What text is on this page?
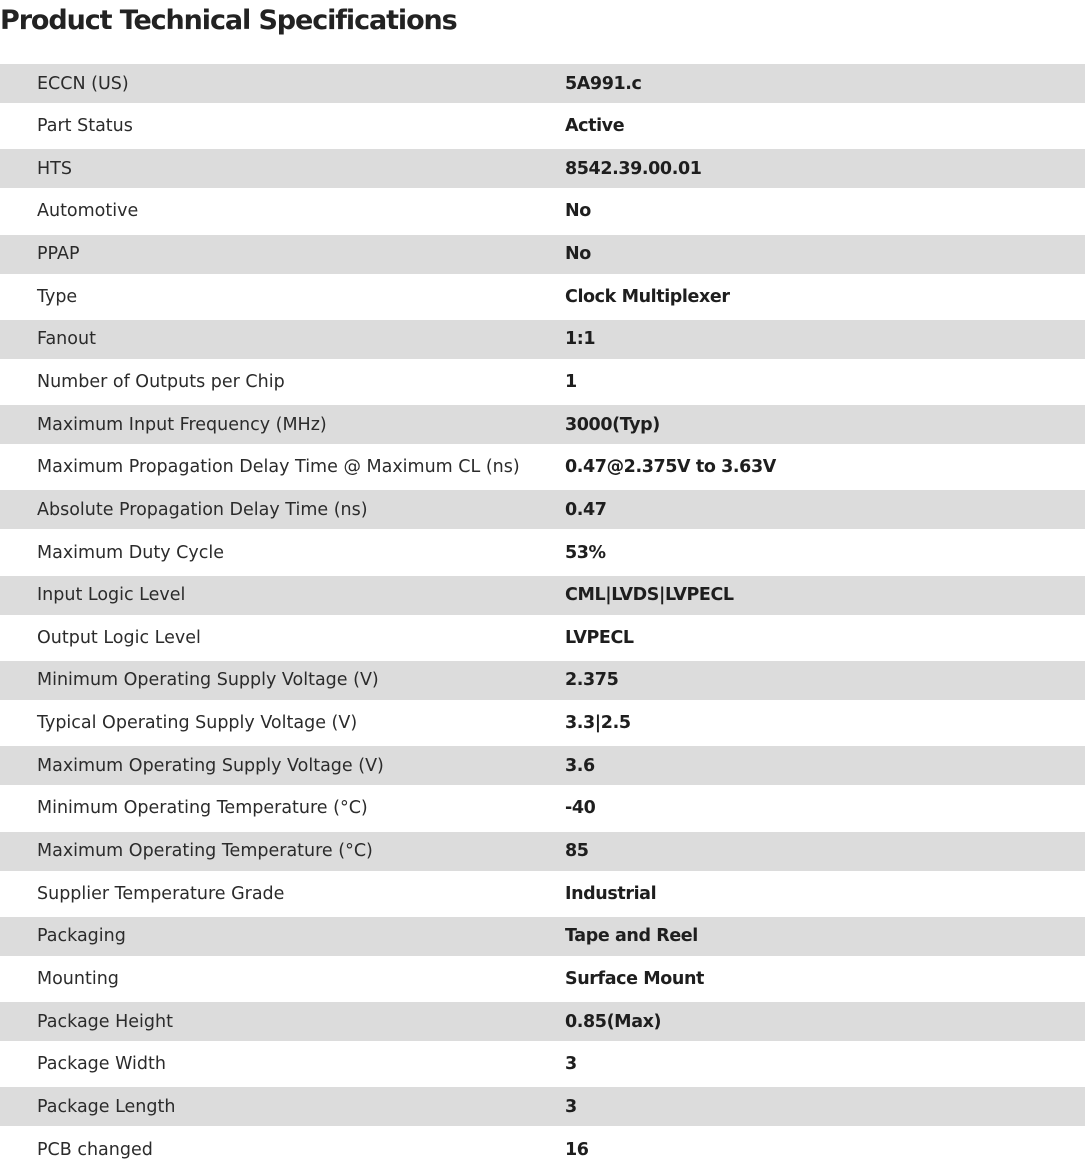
Product Technical Specifications
ECCN (US)	5A991.c
Part Status	Active
HTS	8542.39.00.01
Automotive	No
PPAP	No
Type	Clock Multiplexer
Fanout	1:1
Number of Outputs per Chip	1
Maximum Input Frequency (MHz)	3000(Typ)
Maximum Propagation Delay Time @ Maximum CL (ns)	0.47@2.375V to 3.63V
Absolute Propagation Delay Time (ns)	0.47
Maximum Duty Cycle	53%
Input Logic Level	CML|LVDS|LVPECL
Output Logic Level	LVPECL
Minimum Operating Supply Voltage (V)	2.375
Typical Operating Supply Voltage (V)	3.3|2.5
Maximum Operating Supply Voltage (V)	3.6
Minimum Operating Temperature (°C)	-40
Maximum Operating Temperature (°C)	85
Supplier Temperature Grade	Industrial
Packaging	Tape and Reel
Mounting	Surface Mount
Package Height	0.85(Max)
Package Width	3
Package Length	3
PCB changed	16
